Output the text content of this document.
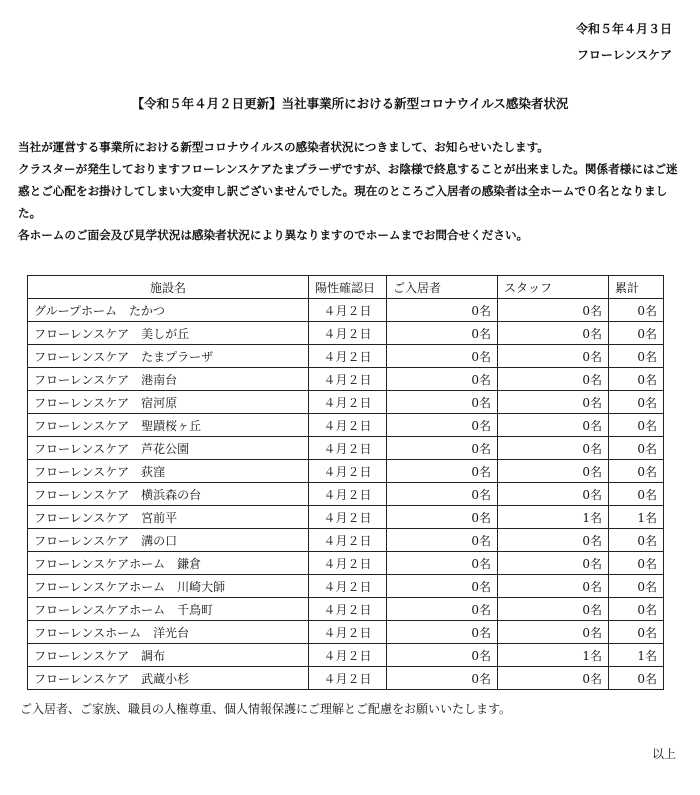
令和５年４月３日
フローレンスケア
【令和５年４月２日更新】当社事業所における新型コロナウイルス感染者状況

当社が運営する事業所における新型コロナウイルスの感染者状況につきまして、お知らせいたします。

クラスターが発生しておりますフローレンスケアたまプラーザですが、お陰様で終息することが出来ました。関係者様にはご迷惑とご心配をお掛けしてしまい大変申し訳ございませんでした。現在のところご入居者の感染者は全ホームで０名となりました。

各ホームのご面会及び見学状況は感染者状況により異なりますのでホームまでお問合せください。

施設名	陽性確認日	ご入居者	スタッフ	累計
グループホーム　たかつ	４月２日	0名	0名	0名
フローレンスケア　美しが丘	４月２日	0名	0名	0名
フローレンスケア　たまプラーザ	４月２日	0名	0名	0名
フローレンスケア　港南台	４月２日	0名	0名	0名
フローレンスケア　宿河原	４月２日	0名	0名	0名
フローレンスケア　聖蹟桜ヶ丘	４月２日	0名	0名	0名
フローレンスケア　芦花公園	４月２日	0名	0名	0名
フローレンスケア　荻窪	４月２日	0名	0名	0名
フローレンスケア　横浜森の台	４月２日	0名	0名	0名
フローレンスケア　宮前平	４月２日	0名	1名	1名
フローレンスケア　溝の口	４月２日	0名	0名	0名
フローレンスケアホーム　鎌倉	４月２日	0名	0名	0名
フローレンスケアホーム　川崎大師	４月２日	0名	0名	0名
フローレンスケアホーム　千鳥町	４月２日	0名	0名	0名
フローレンスホーム　洋光台	４月２日	0名	0名	0名
フローレンスケア　調布	４月２日	0名	1名	1名
フローレンスケア　武蔵小杉	４月２日	0名	0名	0名
ご入居者、ご家族、職員の人権尊重、個人情報保護にご理解とご配慮をお願いいたします。
以上
